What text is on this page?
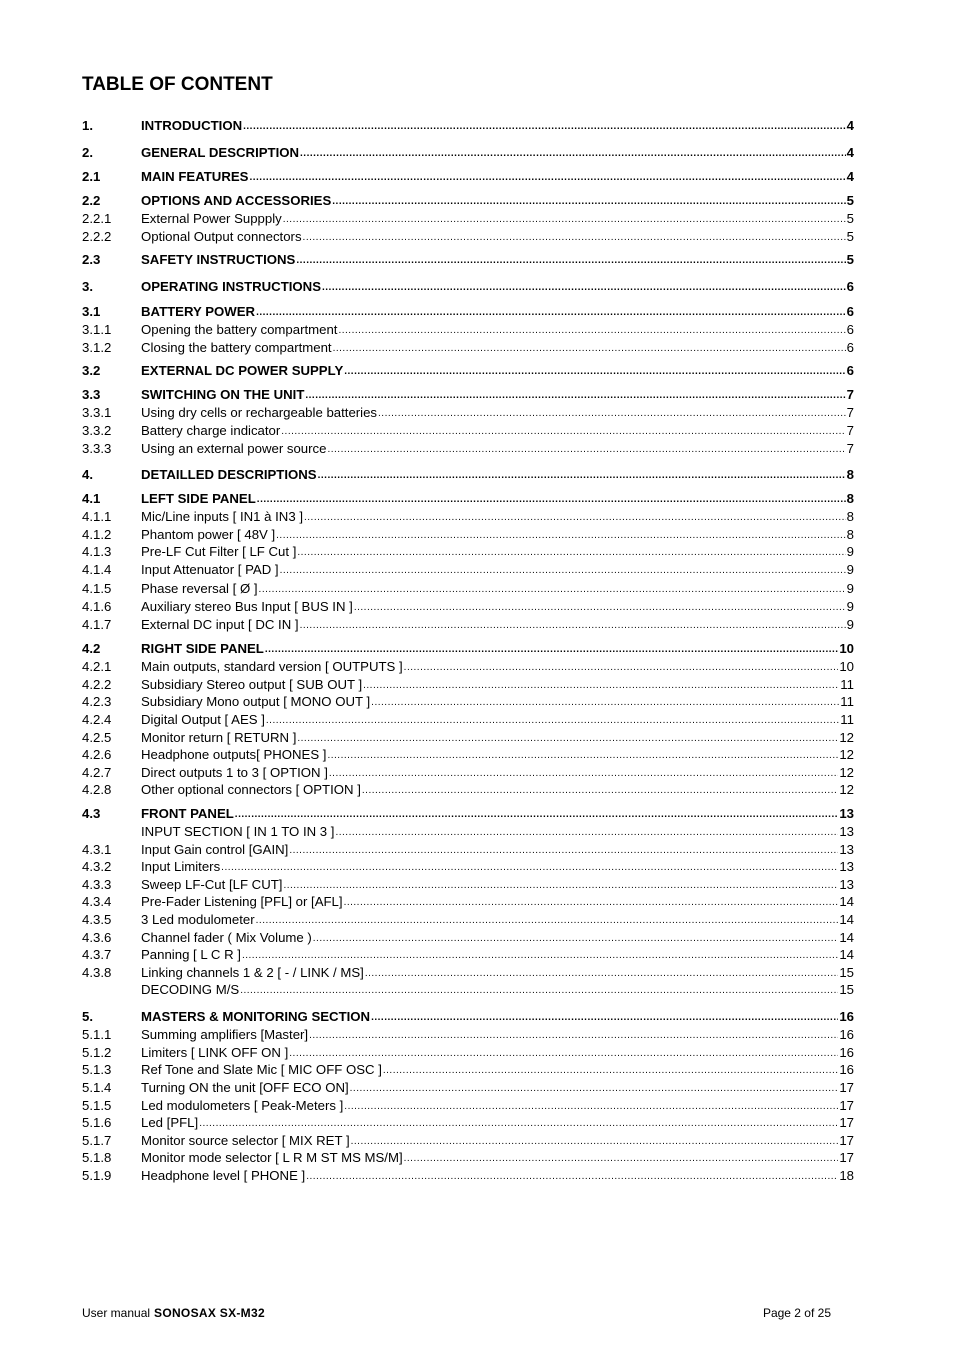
TABLE OF CONTENT
1.	INTRODUCTION .....	4
2.	GENERAL DESCRIPTION .....	4
2.1	MAIN FEATURES .....	4
2.2	OPTIONS AND ACCESSORIES .....	5
2.2.1	External Power Suppply .....	5
2.2.2	Optional Output connectors .....	5
2.3	SAFETY INSTRUCTIONS .....	5
3.	OPERATING INSTRUCTIONS .....	6
3.1	BATTERY POWER .....	6
3.1.1	Opening the battery compartment .....	6
3.1.2	Closing the battery compartment .....	6
3.2	EXTERNAL DC POWER SUPPLY .....	6
3.3	SWITCHING ON THE UNIT .....	7
3.3.1	Using dry cells or rechargeable batteries .....	7
3.3.2	Battery charge indicator .....	7
3.3.3	Using an external power source .....	7
4.	DETAILLED DESCRIPTIONS .....	8
4.1	LEFT SIDE PANEL .....	8
4.1.1	Mic/Line inputs [ IN1 à IN3 ] .....	8
4.1.2	Phantom power [ 48V ] .....	8
4.1.3	Pre-LF Cut Filter [ LF Cut ] .....	9
4.1.4	Input Attenuator [ PAD ] .....	9
4.1.5	Phase reversal [ Ø ] .....	9
4.1.6	Auxiliary stereo Bus Input [ BUS IN ] .....	9
4.1.7	External DC input [ DC IN ] .....	9
4.2	RIGHT SIDE PANEL .....	10
4.2.1	Main outputs, standard version [ OUTPUTS ] .....	10
4.2.2	Subsidiary Stereo output [ SUB OUT ] .....	11
4.2.3	Subsidiary Mono output [ MONO OUT ] .....	11
4.2.4	Digital Output [ AES ] .....	11
4.2.5	Monitor return [ RETURN ] .....	12
4.2.6	Headphone outputs[ PHONES ] .....	12
4.2.7	Direct outputs 1 to 3 [ OPTION ] .....	12
4.2.8	Other optional connectors [ OPTION ] .....	12
4.3	FRONT PANEL .....	13
INPUT SECTION [ IN 1 TO IN 3 ] .....	13
4.3.1	Input Gain control [GAIN] .....	13
4.3.2	Input Limiters .....	13
4.3.3	Sweep LF-Cut [LF CUT] .....	13
4.3.4	Pre-Fader Listening [PFL] or [AFL] .....	14
4.3.5	3 Led modulometer .....	14
4.3.6	Channel fader ( Mix Volume ) .....	14
4.3.7	Panning [ L C R ] .....	14
4.3.8	Linking channels 1 & 2 [ - / LINK / MS] .....	15
DECODING M/S .....	15
5.	MASTERS & MONITORING SECTION .....	16
5.1.1	Summing amplifiers [Master] .....	16
5.1.2	Limiters [ LINK OFF ON ] .....	16
5.1.3	Ref Tone and Slate Mic [ MIC OFF OSC ] .....	16
5.1.4	Turning ON the unit [OFF ECO ON] .....	17
5.1.5	Led modulometers [ Peak-Meters ] .....	17
5.1.6	Led [PFL] .....	17
5.1.7	Monitor source selector [ MIX RET ] .....	17
5.1.8	Monitor mode selector [ L R M ST MS MS/M] .....	17
5.1.9	Headphone level [ PHONE ] .....	18
User manual SONOSAX SX-M32	Page 2 of 25
